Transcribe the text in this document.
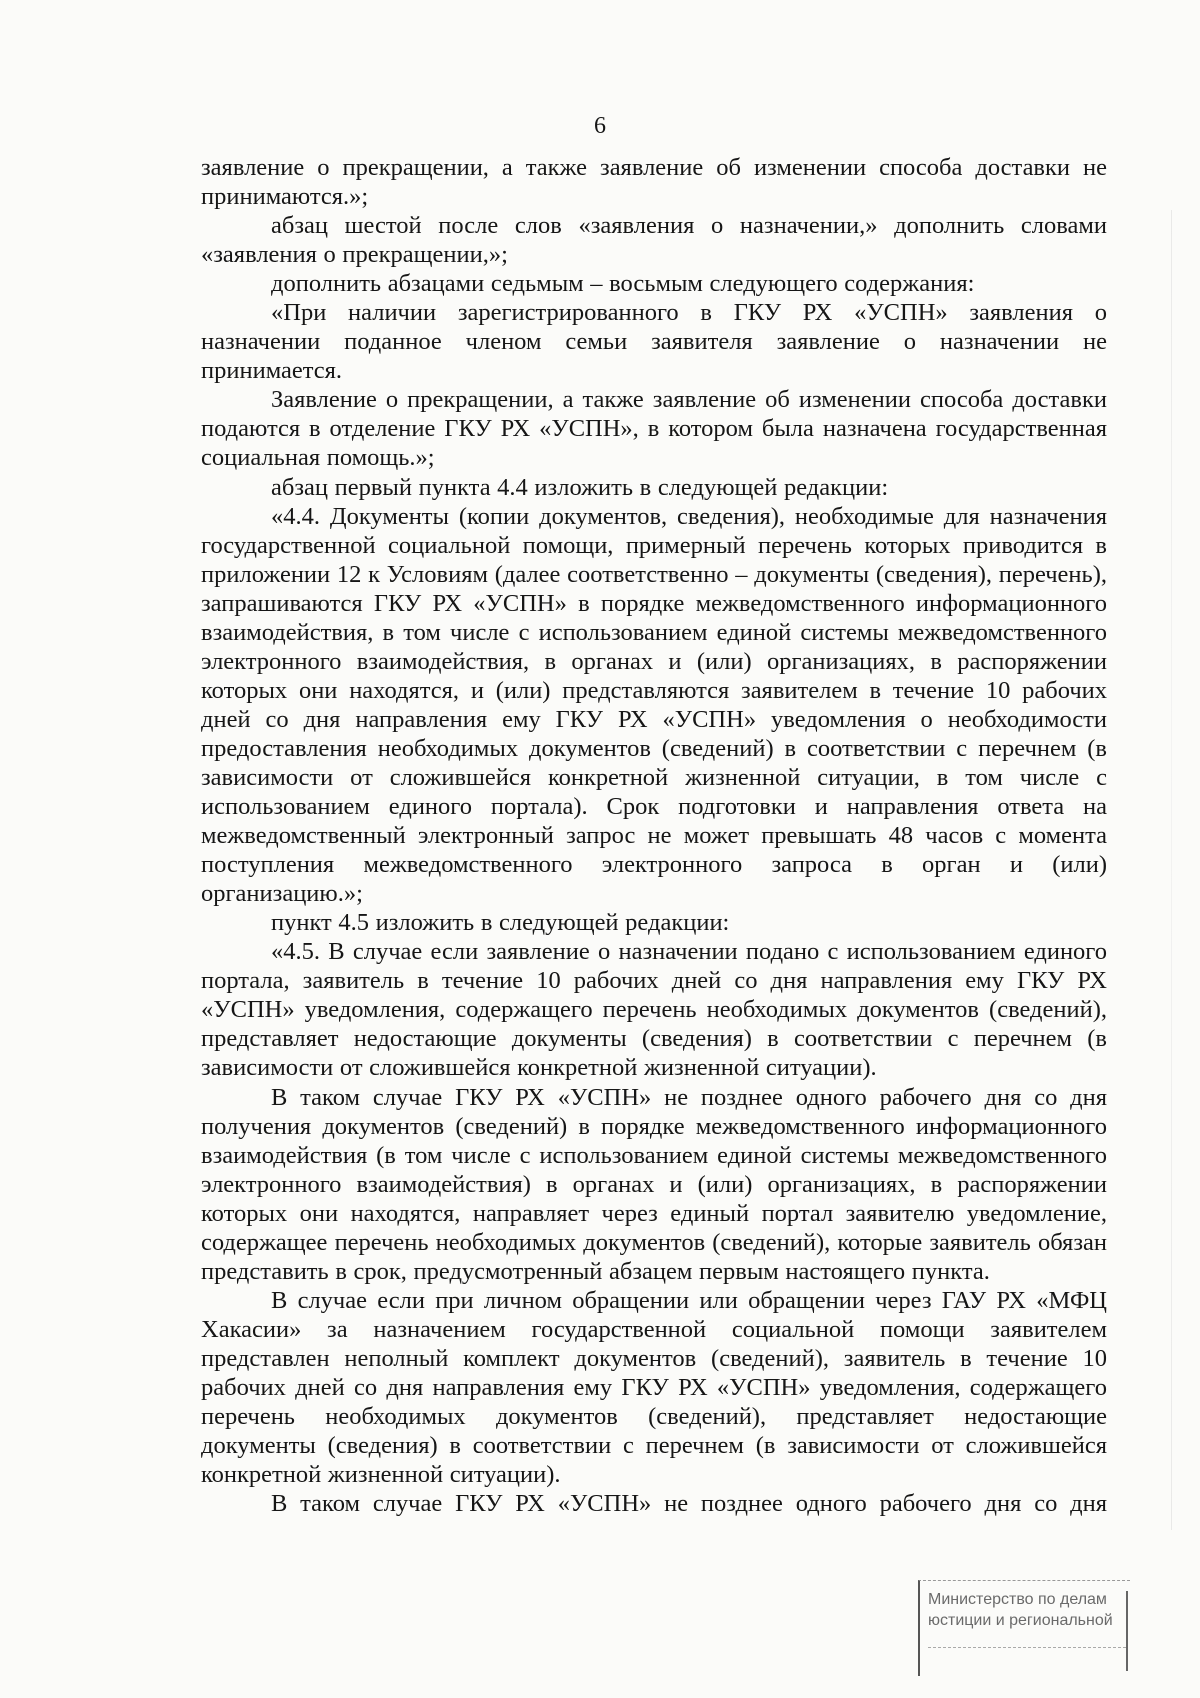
6

заявление о прекращении, а также заявление об изменении способа доставки не принимаются.»;

абзац шестой после слов «заявления о назначении,» дополнить словами «заявления о прекращении,»;

дополнить абзацами седьмым – восьмым следующего содержания:

«При наличии зарегистрированного в ГКУ РХ «УСПН» заявления о назначении поданное членом семьи заявителя заявление о назначении не принимается.

Заявление о прекращении, а также заявление об изменении способа доставки подаются в отделение ГКУ РХ «УСПН», в котором была назначена государственная социальная помощь.»;

абзац первый пункта 4.4 изложить в следующей редакции:

«4.4. Документы (копии документов, сведения), необходимые для назначения государственной социальной помощи, примерный перечень которых приводится в приложении 12 к Условиям (далее соответственно – документы (сведения), перечень), запрашиваются ГКУ РХ «УСПН» в порядке межведомственного информационного взаимодействия, в том числе с использованием единой системы межведомственного электронного взаимодействия, в органах и (или) организациях, в распоряжении которых они находятся, и (или) представляются заявителем в течение 10 рабочих дней со дня направления ему ГКУ РХ «УСПН» уведомления о необходимости предоставления необходимых документов (сведений) в соответствии с перечнем (в зависимости от сложившейся конкретной жизненной ситуации, в том числе с использованием единого портала). Срок подготовки и направления ответа на межведомственный электронный запрос не может превышать 48 часов с момента поступления межведомственного электронного запроса в орган и (или) организацию.»;

пункт 4.5 изложить в следующей редакции:

«4.5. В случае если заявление о назначении подано с использованием единого портала, заявитель в течение 10 рабочих дней со дня направления ему ГКУ РХ «УСПН» уведомления, содержащего перечень необходимых документов (сведений), представляет недостающие документы (сведения) в соответствии с перечнем (в зависимости от сложившейся конкретной жизненной ситуации).

В таком случае ГКУ РХ «УСПН» не позднее одного рабочего дня со дня получения документов (сведений) в порядке межведомственного информационного взаимодействия (в том числе с использованием единой системы межведомственного электронного взаимодействия) в органах и (или) организациях, в распоряжении которых они находятся, направляет через единый портал заявителю уведомление, содержащее перечень необходимых документов (сведений), которые заявитель обязан представить в срок, предусмотренный абзацем первым настоящего пункта.

В случае если при личном обращении или обращении через ГАУ РХ «МФЦ Хакасии» за назначением государственной социальной помощи заявителем представлен неполный комплект документов (сведений), заявитель в течение 10 рабочих дней со дня направления ему ГКУ РХ «УСПН» уведомления, содержащего перечень необходимых документов (сведений), представляет недостающие документы (сведения) в соответствии с перечнем (в зависимости от сложившейся конкретной жизненной ситуации).

В таком случае ГКУ РХ «УСПН» не позднее одного рабочего дня со дня

Министерство по делам
юстиции и региональной
